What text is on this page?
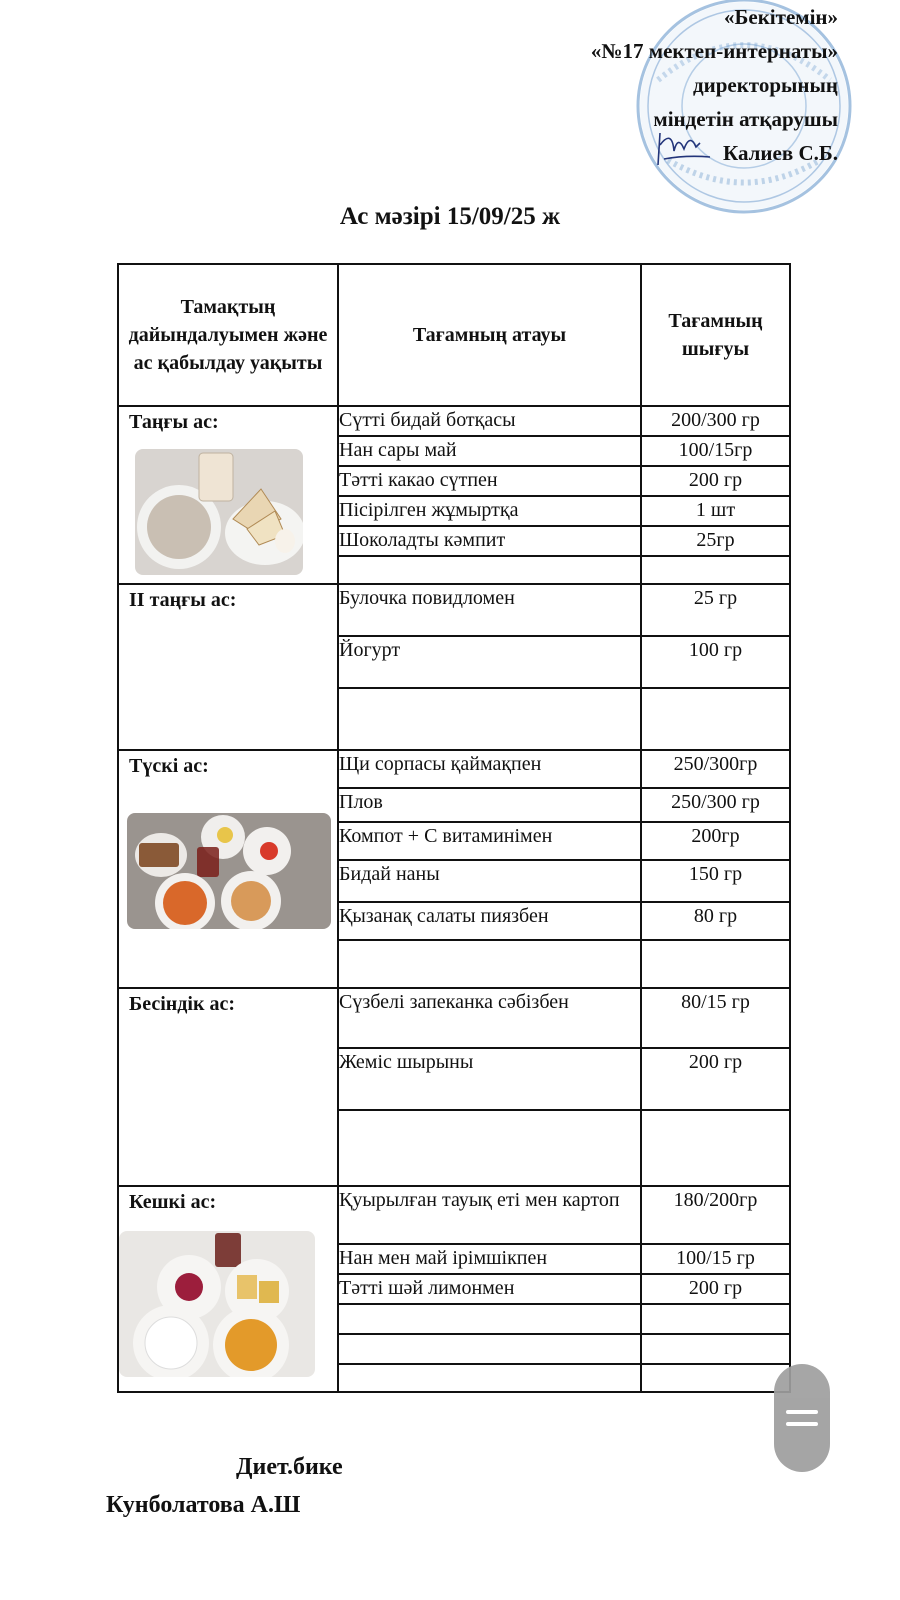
«Бекітемін»
«№17 мектеп-интернаты»
директорының
міндетін атқарушы
Калиев С.Б.
Ас мәзірі 15/09/25 ж
Тамақтың дайындалуымен және ас қабылдау уақыты	Тағамның атауы	Тағамның шығуы

Таңғы ас:	Сүтті бидай ботқасы	200/300 гр
	Нан сары май	100/15гр
	Тәтті какао сүтпен	200 гр
	Пісірілген жұмыртқа	1 шт
	Шоколадты кәмпит	25гр

II таңғы ас:	Булочка повидломен	25 гр
	Йогурт	100 гр

Түскі ас:	Щи сорпасы қаймақпен	250/300гр
	Плов	250/300 гр
	Компот + С витаминімен	200гр
	Бидай наны	150 гр
	Қызанақ салаты пиязбен	80 гр

Бесіндік ас:	Сүзбелі запеканка сәбізбен	80/15 гр
	Жеміс шырыны	200 гр

Кешкі ас:	Қуырылған тауық еті мен картоп	180/200гр
	Нан мен май ірімшікпен	100/15 гр
	Тәтті шәй лимонмен	200 гр

Диет.бике
Кунболатова А.Ш
